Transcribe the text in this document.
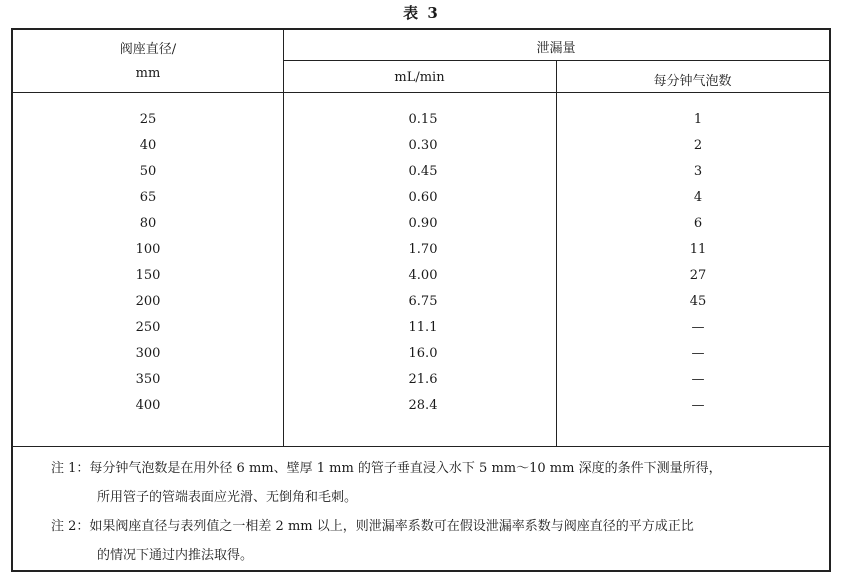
表 3
阀座直径/
mm
泄漏量
mL/min	每分钟气泡数
25	0.15	1
40	0.30	2
50	0.45	3
65	0.60	4
80	0.90	6
100	1.70	11
150	4.00	27
200	6.75	45
250	11.1	—
300	16.0	—
350	21.6	—
400	28.4	—
注 1：每分钟气泡数是在用外径 6 mm、壁厚 1 mm 的管子垂直浸入水下 5 mm～10 mm 深度的条件下测量所得，
所用管子的管端表面应光滑、无倒角和毛刺。
注 2：如果阀座直径与表列值之一相差 2 mm 以上，则泄漏率系数可在假设泄漏率系数与阀座直径的平方成正比
的情况下通过内推法取得。
